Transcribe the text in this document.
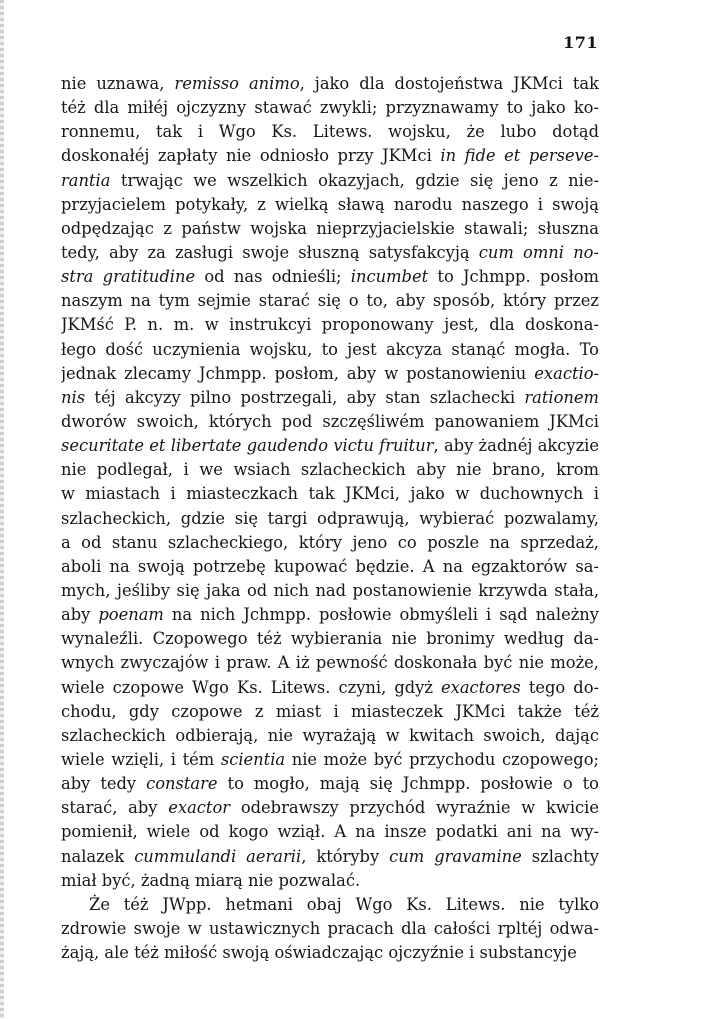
171
nie uznawa, remisso animo, jako dla dostojeństwa JKMci tak
téż dla miłéj ojczyzny stawać zwykli; przyznawamy to jako ko-
ronnemu, tak i Wgo Ks. Litews. wojsku, że lubo dotąd
doskonałéj zapłaty nie odniosło przy JKMci in fide et perseve-
rantia trwając we wszelkich okazyjach, gdzie się jeno z nie-
przyjacielem potykały, z wielką sławą narodu naszego i swoją
odpędzając z państw wojska nieprzyjacielskie stawali; słuszna
tedy, aby za zasługi swoje słuszną satysfakcyją cum omni no-
stra gratitudine od nas odnieśli; incumbet to Jchmpp. posłom
naszym na tym sejmie starać się o to, aby sposób, który przez
JKMść P. n. m. w instrukcyi proponowany jest, dla doskona-
łego dość uczynienia wojsku, to jest akcyza stanąć mogła. To
jednak zlecamy Jchmpp. posłom, aby w postanowieniu exactio-
nis téj akcyzy pilno postrzegali, aby stan szlachecki rationem
dworów swoich, których pod szczęśliwém panowaniem JKMci
securitate et libertate gaudendo victu fruitur, aby żadnéj akcyzie
nie podlegał, i we wsiach szlacheckich aby nie brano, krom
w miastach i miasteczkach tak JKMci, jako w duchownych i
szlacheckich, gdzie się targi odprawują, wybierać pozwalamy,
a od stanu szlacheckiego, który jeno co poszle na sprzedaż,
aboli na swoją potrzebę kupować będzie. A na egzaktorów sa-
mych, jeśliby się jaka od nich nad postanowienie krzywda stała,
aby poenam na nich Jchmpp. posłowie obmyśleli i sąd należny
wynaleźli. Czopowego téż wybierania nie bronimy według da-
wnych zwyczajów i praw. A iż pewność doskonała być nie może,
wiele czopowe Wgo Ks. Litews. czyni, gdyż exactores tego do-
chodu, gdy czopowe z miast i miasteczek JKMci także téż
szlacheckich odbierają, nie wyrażają w kwitach swoich, dając
wiele wzięli, i tém scientia nie może być przychodu czopowego;
aby tedy constare to mogło, mają się Jchmpp. posłowie o to
starać, aby exactor odebrawszy przychód wyraźnie w kwicie
pomienił, wiele od kogo wziął. A na insze podatki ani na wy-
nalazek cummulandi aerarii, któryby cum gravamine szlachty
miał być, żadną miarą nie pozwalać.
Że téż JWpp. hetmani obaj Wgo Ks. Litews. nie tylko
zdrowie swoje w ustawicznych pracach dla całości rpltéj odwa-
żają, ale téż miłość swoją oświadczając ojczyźnie i substancyje
